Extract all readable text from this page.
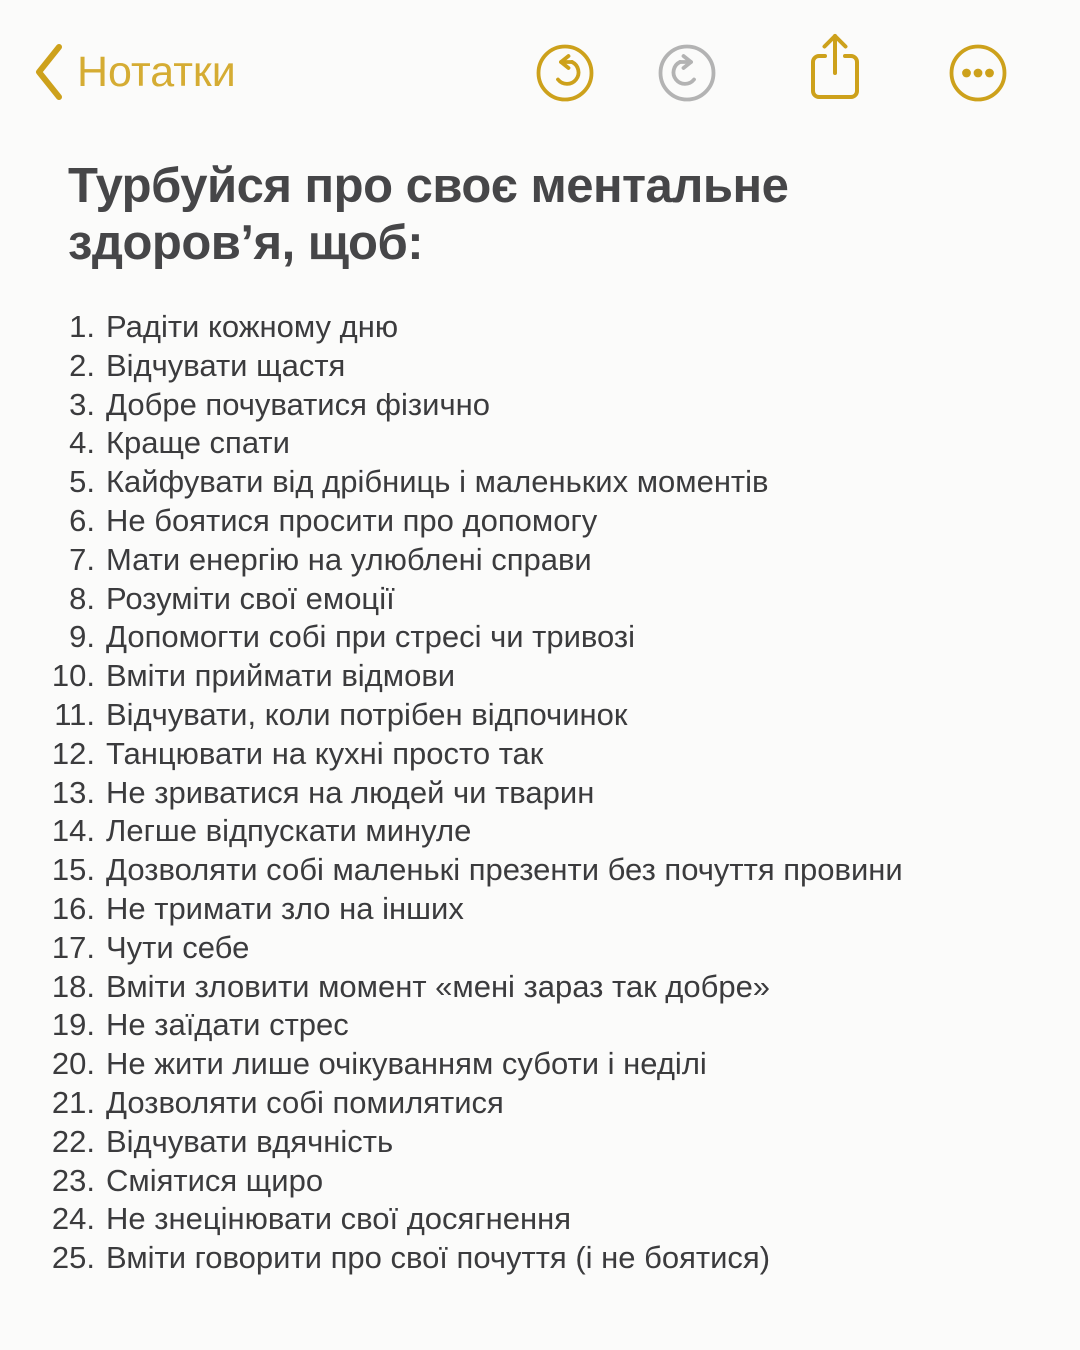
Нотатки
Турбуйся про своє ментальне здоров’я, щоб:
1. Радіти кожному дню
2. Відчувати щастя
3. Добре почуватися фізично
4. Краще спати
5. Кайфувати від дрібниць і маленьких моментів
6. Не боятися просити про допомогу
7. Мати енергію на улюблені справи
8. Розуміти свої емоції
9. Допомогти собі при стресі чи тривозі
10. Вміти приймати відмови
11. Відчувати, коли потрібен відпочинок
12. Танцювати на кухні просто так
13. Не зриватися на людей чи тварин
14. Легше відпускати минуле
15. Дозволяти собі маленькі презенти без почуття провини
16. Не тримати зло на інших
17. Чути себе
18. Вміти зловити момент «мені зараз так добре»
19. Не заїдати стрес
20. Не жити лише очікуванням суботи і неділі
21. Дозволяти собі помилятися
22. Відчувати вдячність
23. Сміятися щиро
24. Не знецінювати свої досягнення
25. Вміти говорити про свої почуття (і не боятися)
